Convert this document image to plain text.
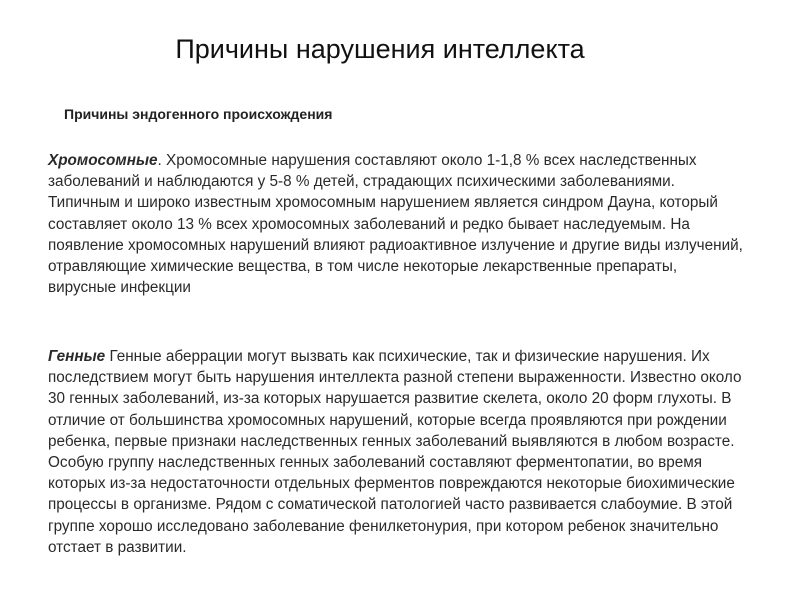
Причины нарушения интеллекта
Причины эндогенного происхождения

Хромосомные. Хромосомные нарушения составляют около 1-1,8 % всех наследственных заболеваний и наблюдаются у 5-8 % детей, страдающих психическими заболеваниями. Типичным и широко известным хромосомным нарушением является синдром Дауна, который составляет около 13 % всех хромосомных заболеваний и редко бывает наследуемым. На появление хромосомных нарушений влияют радиоактивное излучение и другие виды излучений, отравляющие химические вещества, в том числе некоторые лекарственные препараты, вирусные инфекции

Генные Генные аберрации могут вызвать как психические, так и физические нарушения. Их последствием могут быть нарушения интеллекта разной степени выраженности. Известно около 30 генных заболеваний, из-за которых нарушается развитие скелета, около 20 форм глухоты. В отличие от большинства хромосомных нарушений, которые всегда проявляются при рождении ребенка, первые признаки наследственных генных заболеваний выявляются в любом возрасте. Особую группу наследственных генных заболеваний составляют ферментопатии, во время которых из-за недостаточности отдельных ферментов повреждаются некоторые биохимические процессы в организме. Рядом с соматической патологией часто развивается слабоумие. В этой группе хорошо исследовано заболевание фенилкетонурия, при котором ребенок значительно отстает в развитии.
